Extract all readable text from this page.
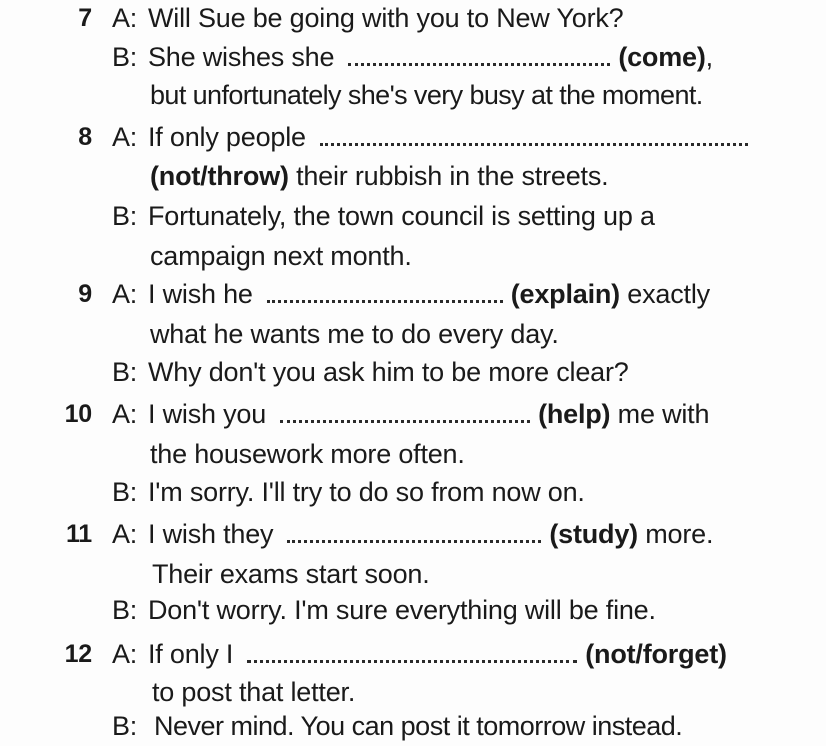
7 A: Will Sue be going with you to New York?
B: She wishes she	(come),
but unfortunately she's very busy at the moment.
8 A: If only people
(not/throw) their rubbish in the streets.
B: Fortunately, the town council is setting up a
campaign next month.
9 A: I wish he	(explain) exactly
what he wants me to do every day.
B: Why don't you ask him to be more clear?
10 A: I wish you	(help) me with
the housework more often.
B: I'm sorry. I'll try to do so from now on.
11 A: I wish they	(study) more.
Their exams start soon.
B: Don't worry. I'm sure everything will be fine.
12 A: If only I	(not/forget)
to post that letter.
B: Never mind. You can post it tomorrow instead.
